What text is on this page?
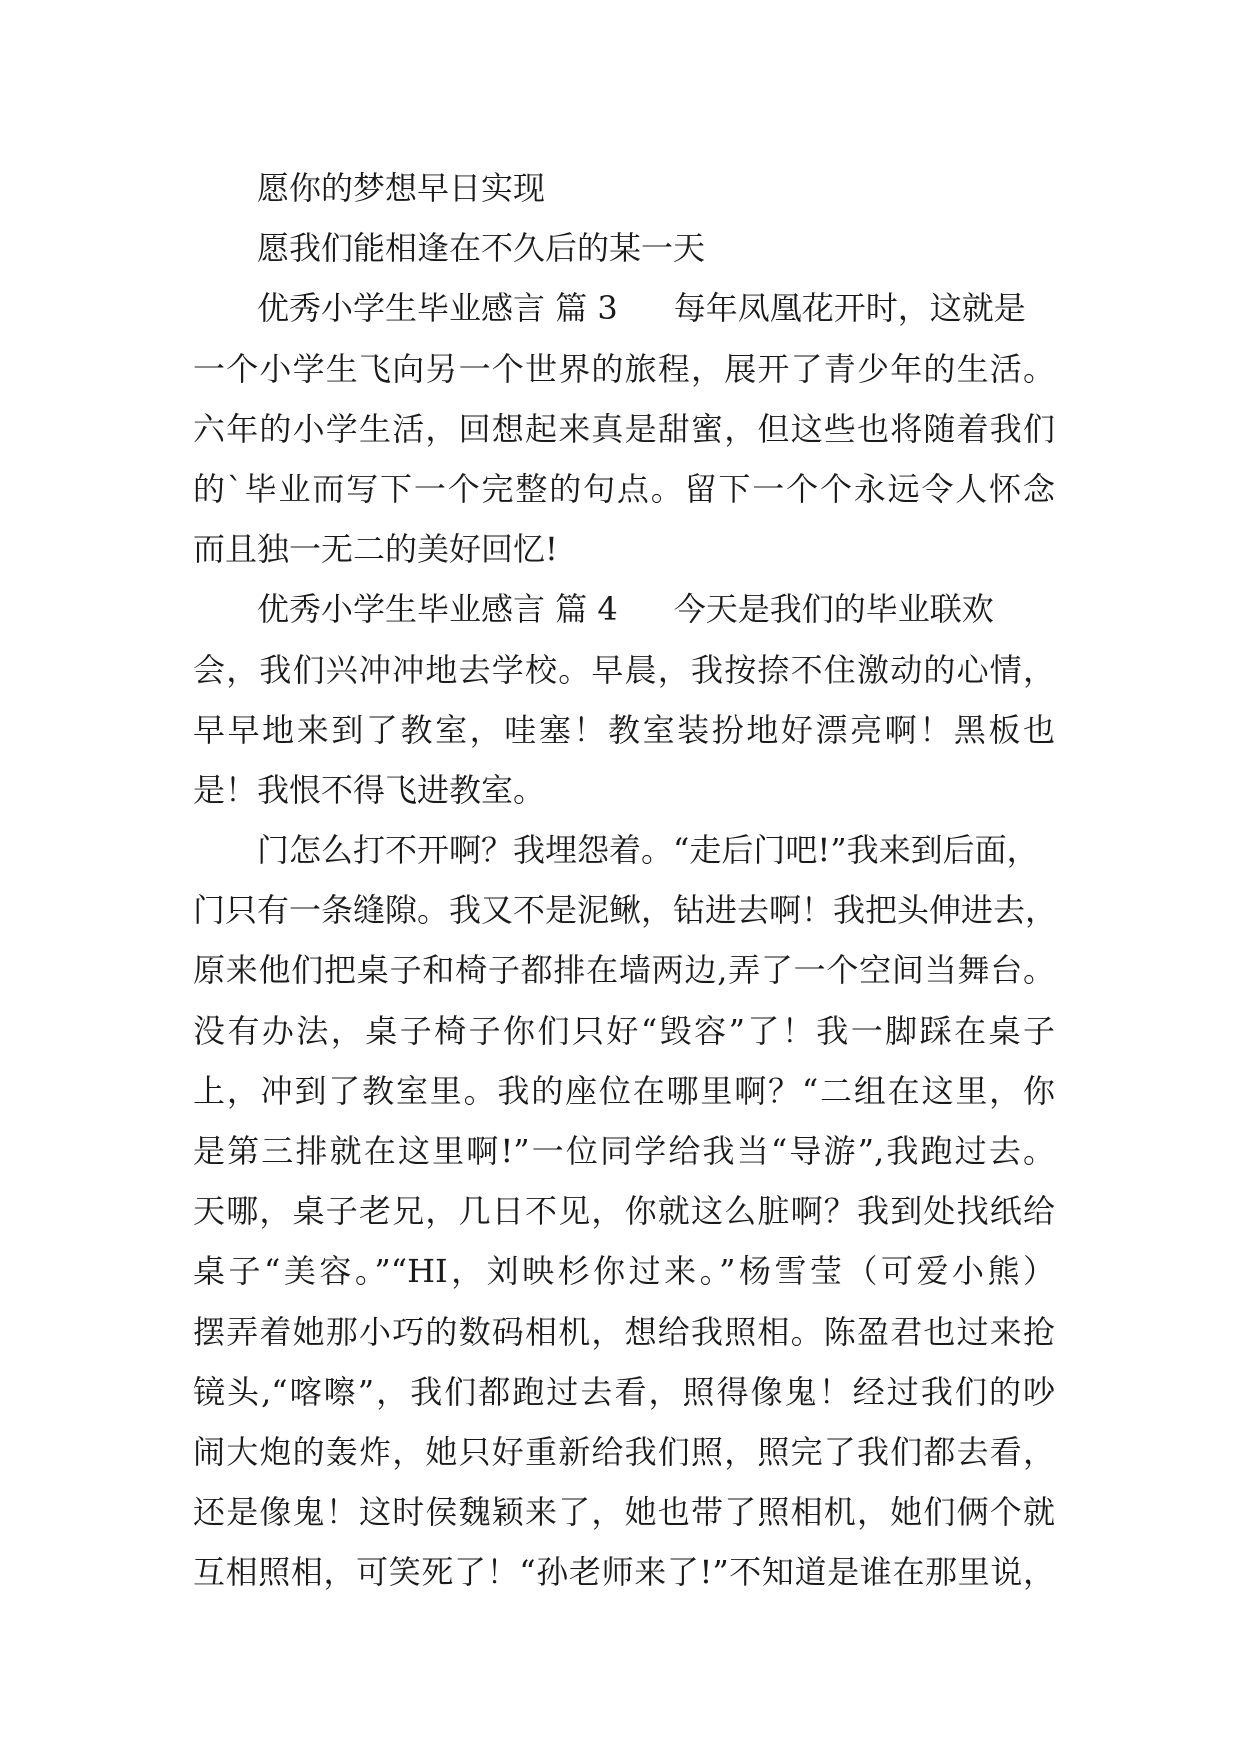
愿你的梦想早日实现
愿我们能相逢在不久后的某一天
优秀小学生毕业感言 篇 3 每年凤凰花开时，这就是
一个小学生飞向另一个世界的旅程，展开了青少年的生活。
六年的小学生活，回想起来真是甜蜜，但这些也将随着我们
的`毕业而写下一个完整的句点。留下一个个永远令人怀念
而且独一无二的美好回忆!
优秀小学生毕业感言 篇 4 今天是我们的毕业联欢
会，我们兴冲冲地去学校。早晨，我按捺不住激动的心情，
早早地来到了教室，哇塞！教室装扮地好漂亮啊！黑板也
是！我恨不得飞进教室。
门怎么打不开啊？我埋怨着。“走后门吧!”我来到后面，
门只有一条缝隙。我又不是泥鳅，钻进去啊！我把头伸进去，
原来他们把桌子和椅子都排在墙两边,弄了一个空间当舞台。
没有办法，桌子椅子你们只好“毁容”了！我一脚踩在桌子
上，冲到了教室里。我的座位在哪里啊？“二组在这里，你
是第三排就在这里啊!”一位同学给我当“导游”,我跑过去。
天哪，桌子老兄，几日不见，你就这么脏啊？我到处找纸给
桌子“美容。”“HI，刘映杉你过来。”杨雪莹（可爱小熊）
摆弄着她那小巧的数码相机，想给我照相。陈盈君也过来抢
镜头,“喀嚓”，我们都跑过去看，照得像鬼！经过我们的吵
闹大炮的轰炸，她只好重新给我们照，照完了我们都去看，
还是像鬼！这时侯魏颖来了，她也带了照相机，她们俩个就
互相照相，可笑死了！“孙老师来了!”不知道是谁在那里说，
